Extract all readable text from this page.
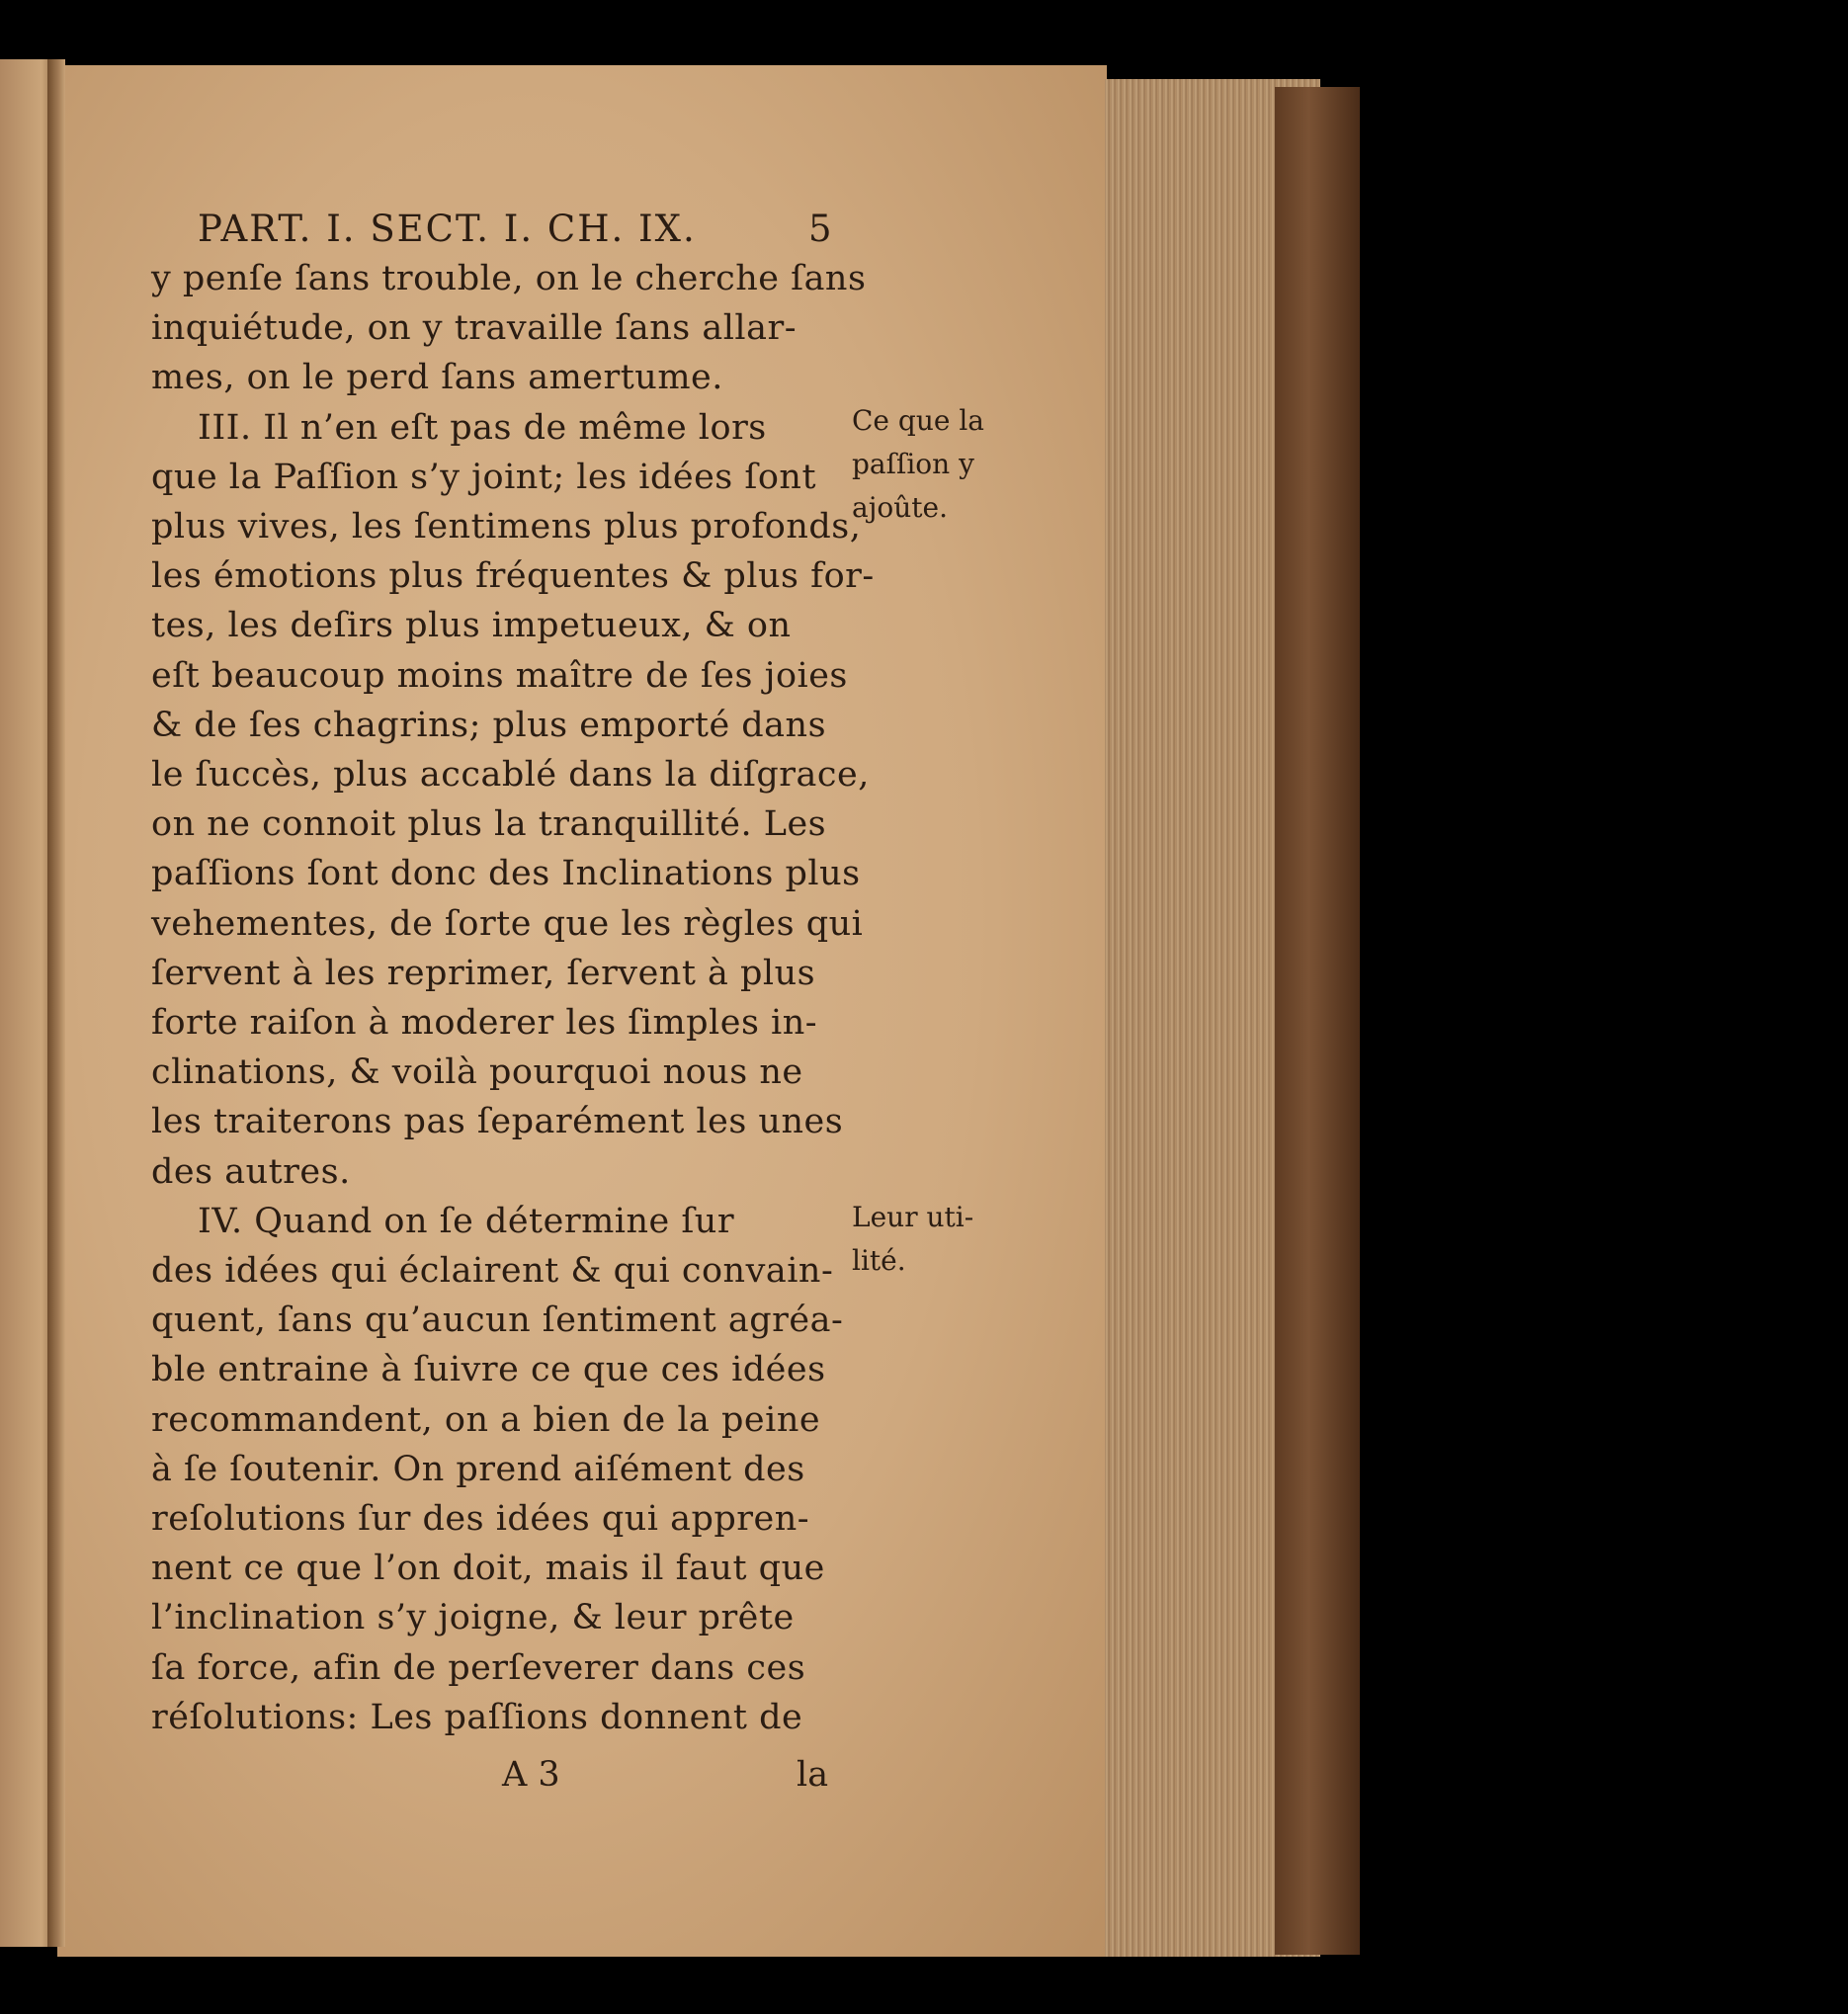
PART. I. SECT. I. CH. IX.	5
y penſe ſans trouble, on le cherche ſans
inquiétude, on y travaille ſans allar-
mes, on le perd ſans amertume.
III. Il n’en eſt pas de même lors
que la Paſſion s’y joint; les idées ſont
plus vives, les ſentimens plus profonds,
les émotions plus fréquentes & plus for-
tes, les deſirs plus impetueux, & on
eſt beaucoup moins maître de ſes joies
& de ſes chagrins; plus emporté dans
le ſuccès, plus accablé dans la diſgrace,
on ne connoit plus la tranquillité. Les
paſſions ſont donc des Inclinations plus
vehementes, de ſorte que les règles qui
ſervent à les reprimer, ſervent à plus
forte raiſon à moderer les ſimples in-
clinations, & voilà pourquoi nous ne
les traiterons pas ſeparément les unes
des autres.
IV. Quand on ſe détermine ſur
des idées qui éclairent & qui convain-
quent, ſans qu’aucun ſentiment agréa-
ble entraine à ſuivre ce que ces idées
recommandent, on a bien de la peine
à ſe ſoutenir. On prend aiſément des
reſolutions ſur des idées qui appren-
nent ce que l’on doit, mais il faut que
l’inclination s’y joigne, & leur prête
ſa force, afin de perſeverer dans ces
réſolutions: Les paſſions donnent de
Ce que la
paſſion y
ajoûte.
Leur uti-
lité.
A 3	la
